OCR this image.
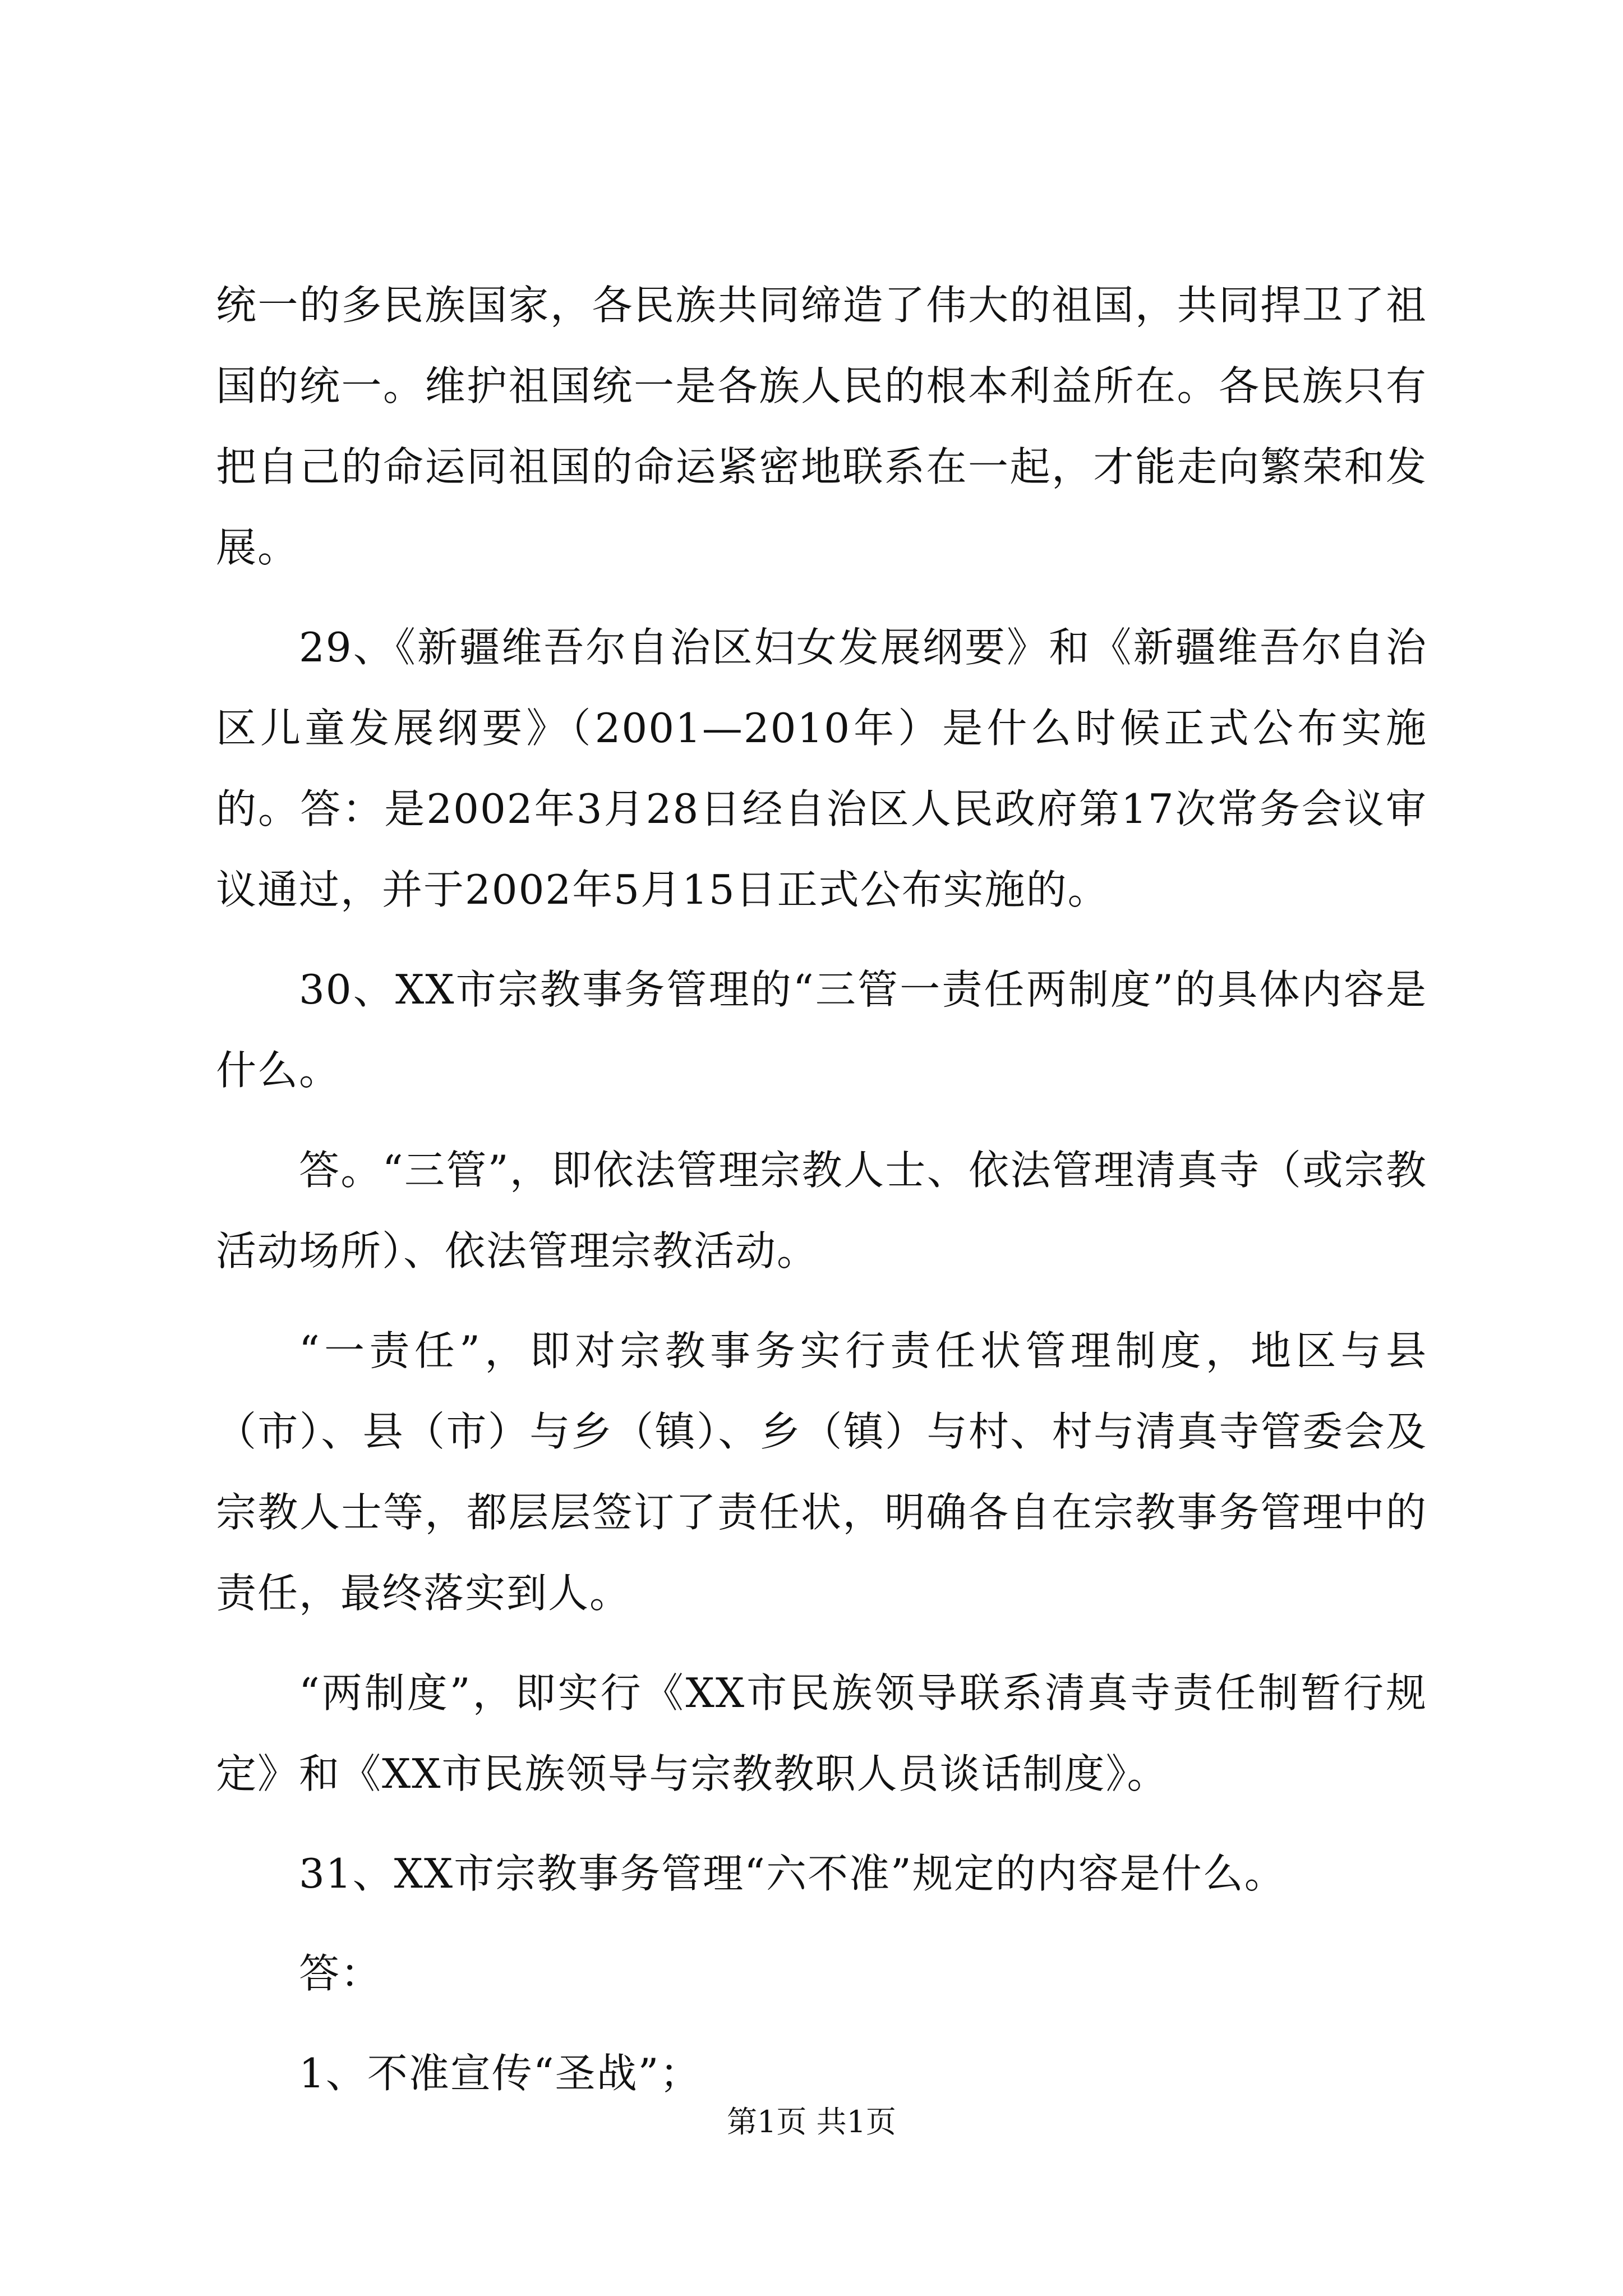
统一的多民族国家，各民族共同缔造了伟大的祖国，共同捍卫了祖国的统一。维护祖国统一是各族人民的根本利益所在。各民族只有把自己的命运同祖国的命运紧密地联系在一起，才能走向繁荣和发展。

29、《新疆维吾尔自治区妇女发展纲要》和《新疆维吾尔自治区儿童发展纲要》（2001—2010年）是什么时候正式公布实施的。答：是2002年3月28日经自治区人民政府第17次常务会议审议通过，并于2002年5月15日正式公布实施的。

30、XX市宗教事务管理的“三管一责任两制度”的具体内容是什么。

答。“三管”，即依法管理宗教人士、依法管理清真寺（或宗教活动场所）、依法管理宗教活动。

“一责任”，即对宗教事务实行责任状管理制度，地区与县（市）、县（市）与乡（镇）、乡（镇）与村、村与清真寺管委会及宗教人士等，都层层签订了责任状，明确各自在宗教事务管理中的责任，最终落实到人。

“两制度”，即实行《XX市民族领导联系清真寺责任制暂行规定》和《XX市民族领导与宗教教职人员谈话制度》。

31、XX市宗教事务管理“六不准”规定的内容是什么。

答：

1、不准宣传“圣战”；

第1页 共1页
